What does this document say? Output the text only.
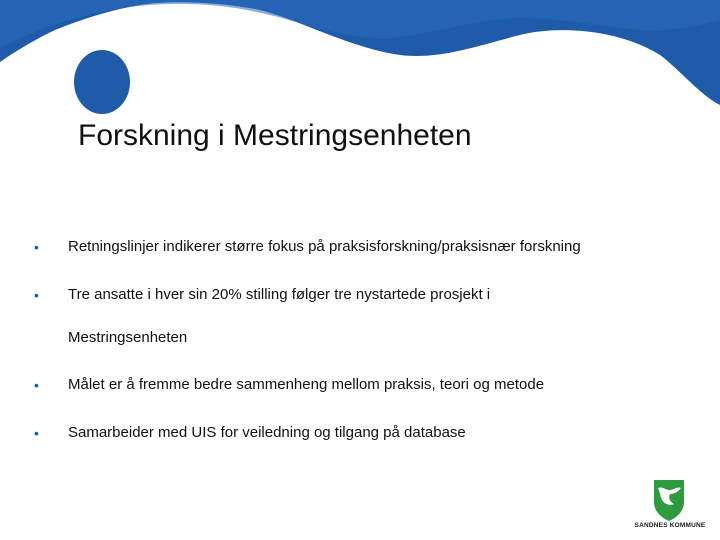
Forskning i Mestringsenheten
• Retningslinjer indikerer større fokus på praksisforskning/praksisnær forskning
• Tre ansatte i hver sin 20% stilling følger tre nystartede prosjekt i
Mestringsenheten
• Målet er å fremme bedre sammenheng mellom praksis, teori og metode
• Samarbeider med UIS for veiledning og tilgang på database
SANDNES KOMMUNE
